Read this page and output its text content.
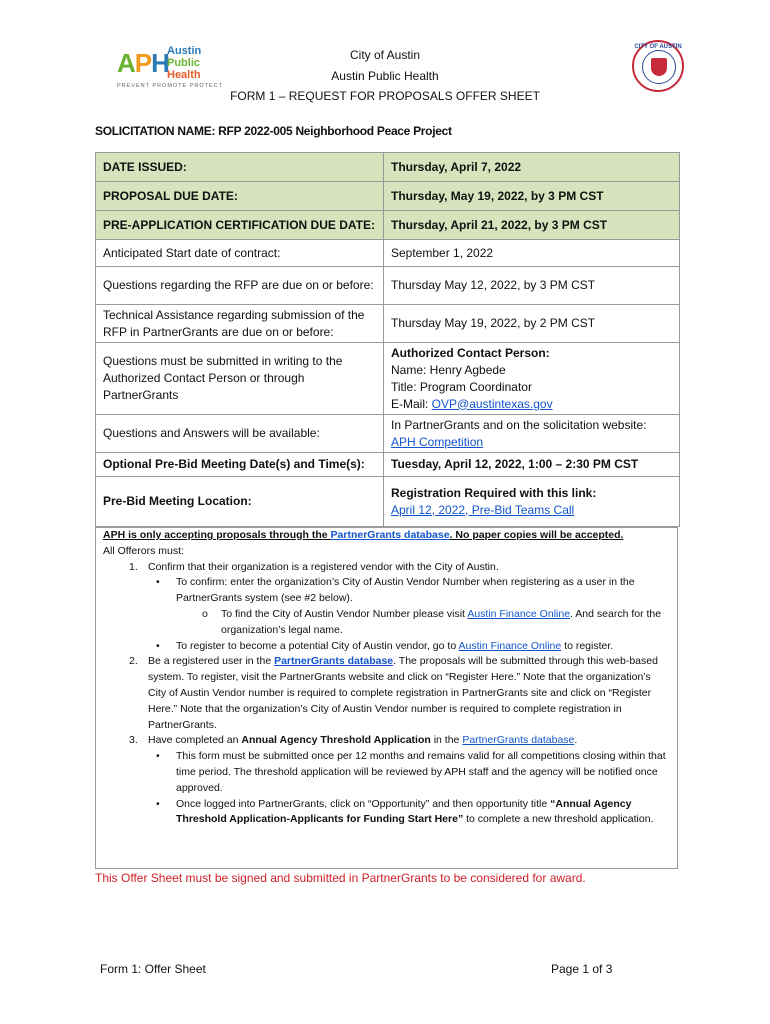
APH
Austin
Public
Health
PREVENT PROMOTE PROTECT
CITY OF AUSTIN
City of Austin
Austin Public Health
FORM 1 – REQUEST FOR PROPOSALS OFFER SHEET
SOLICITATION NAME: RFP 2022-005 Neighborhood Peace Project
DATE ISSUED:	Thursday, April 7, 2022
PROPOSAL DUE DATE:	Thursday, May 19, 2022, by 3 PM CST
PRE-APPLICATION CERTIFICATION DUE DATE:	Thursday, April 21, 2022, by 3 PM CST
Anticipated Start date of contract:	September 1, 2022
Questions regarding the RFP are due on or before:	Thursday May 12, 2022, by 3 PM CST
Technical Assistance regarding submission of the RFP in PartnerGrants are due on or before:	Thursday May 19, 2022, by 2 PM CST
Questions must be submitted in writing to the Authorized Contact Person or through PartnerGrants	Authorized Contact Person:
Name: Henry Agbede
Title: Program Coordinator
E-Mail: OVP@austintexas.gov

Questions and Answers will be available:	In PartnerGrants and on the solicitation website:
APH Competition
Optional Pre-Bid Meeting Date(s) and Time(s):	Tuesday, April 12, 2022, 1:00 – 2:30 PM CST
Pre-Bid Meeting Location:	Registration Required with this link:
April 12, 2022, Pre-Bid Teams Call

APH is only accepting proposals through the PartnerGrants database. No paper copies will be accepted.

All Offerors must:

1. Confirm that their organization is a registered vendor with the City of Austin.

• To confirm: enter the organization’s City of Austin Vendor Number when registering as a user in the PartnerGrants system (see #2 below).

o To find the City of Austin Vendor Number please visit Austin Finance Online. And search for the organization’s legal name.

• To register to become a potential City of Austin vendor, go to Austin Finance Online to register.

2. Be a registered user in the PartnerGrants database. The proposals will be submitted through this web-based system. To register, visit the PartnerGrants website and click on “Register Here.” Note that the organization’s City of Austin Vendor number is required to complete registration in PartnerGrants site and click on “Register Here.” Note that the organization’s City of Austin Vendor number is required to complete registration in PartnerGrants.

3. Have completed an Annual Agency Threshold Application in the PartnerGrants database.

• This form must be submitted once per 12 months and remains valid for all competitions closing within that time period. The threshold application will be reviewed by APH staff and the agency will be notified once approved.

• Once logged into PartnerGrants, click on “Opportunity” and then opportunity title “Annual Agency Threshold Application-Applicants for Funding Start Here” to complete a new threshold application.

This Offer Sheet must be signed and submitted in PartnerGrants to be considered for award.
Form 1: Offer Sheet	Page 1 of 3
